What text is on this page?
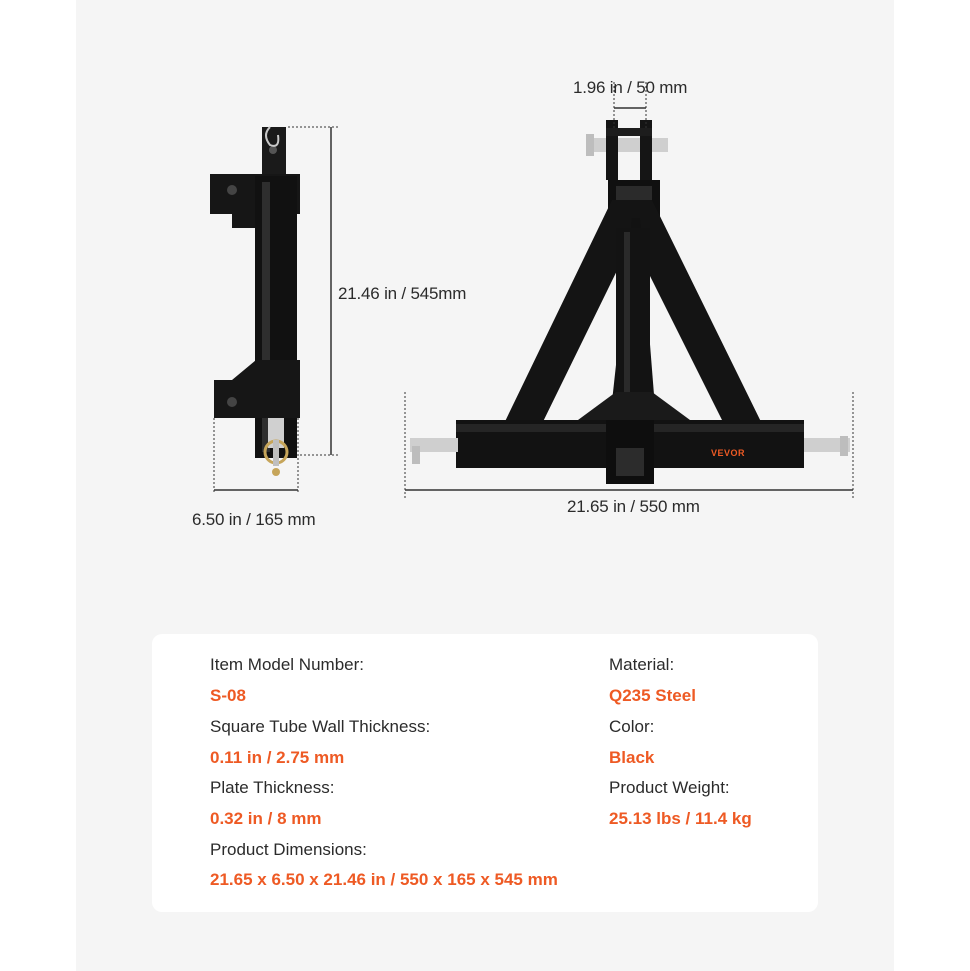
21.46 in / 545mm
6.50 in / 165 mm
VEVOR
1.96 in / 50 mm
21.65 in / 550 mm
Item Model Number:
S-08
Square Tube Wall Thickness:
0.11 in / 2.75 mm
Plate Thickness:
0.32 in / 8 mm
Product Dimensions:
21.65 x 6.50 x 21.46 in / 550 x 165 x 545 mm
Material:
Q235 Steel
Color:
Black
Product Weight:
25.13 lbs / 11.4 kg
